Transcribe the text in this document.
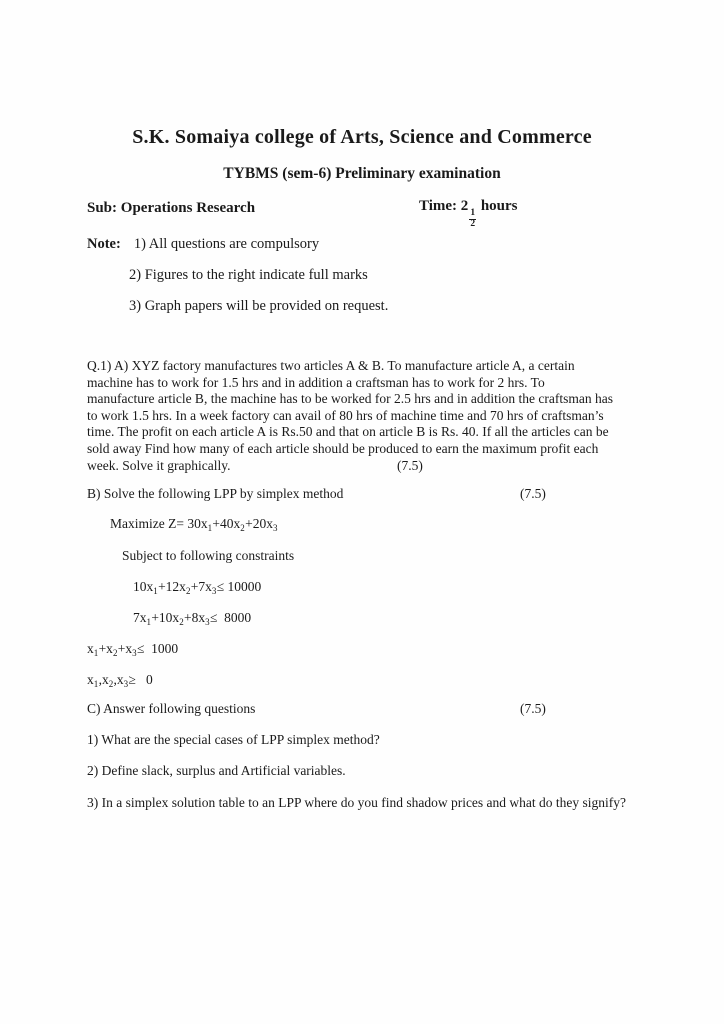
S.K. Somaiya college of Arts, Science and Commerce
TYBMS (sem-6) Preliminary examination
Sub: Operations Research	Time: 2
$\frac{1}{2}$
hours
Note: 1) All questions are compulsory
2) Figures to the right indicate full marks
3) Graph papers will be provided on request.
Q.1) A) XYZ factory manufactures two articles A & B. To manufacture article A, a certain
machine has to work for 1.5 hrs and in addition a craftsman has to work for 2 hrs. To
manufacture article B, the machine has to be worked for 2.5 hrs and in addition the craftsman has
to work 1.5 hrs. In a week factory can avail of 80 hrs of machine time and 70 hrs of craftsman’s
time. The profit on each article A is Rs.50 and that on article B is Rs. 40. If all the articles can be
sold away Find how many of each article should be produced to earn the maximum profit each
week. Solve it graphically.	(7.5)
B) Solve the following LPP by simplex method	(7.5)
Maximize $Z= 30x_1+40x_2+20x_3$
Subject to following constraints
$10x_1+12x_2+7x_3\le 10000$
$7x_1+10x_2+8x_3\le 8000$
$x_1+x_2+x_3\le 1000$
$x_1,x_2,x_3\ge 0$
C) Answer following questions	(7.5)
1) What are the special cases of LPP simplex method?
2) Define slack, surplus and Artificial variables.
3) In a simplex solution table to an LPP where do you find shadow prices and what do they signify?
